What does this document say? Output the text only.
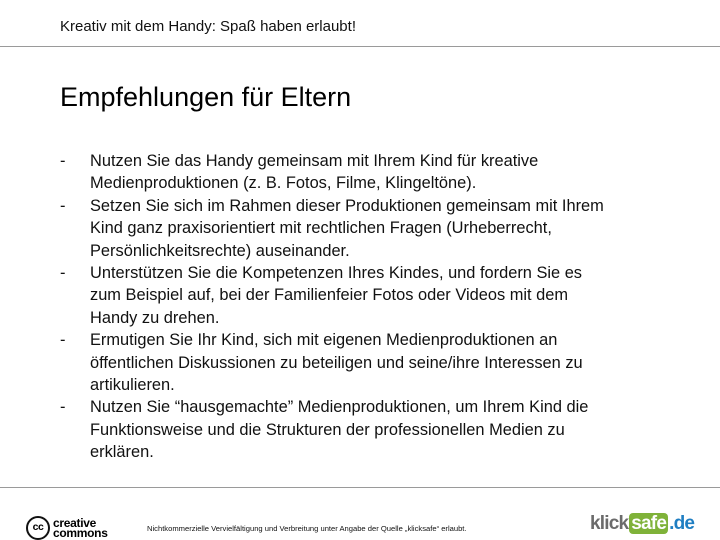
Kreativ mit dem Handy: Spaß haben erlaubt!
Empfehlungen für Eltern
-	Nutzen Sie das Handy gemeinsam mit Ihrem Kind für kreative
Medienproduktionen (z. B. Fotos, Filme, Klingeltöne).
-	Setzen Sie sich im Rahmen dieser Produktionen gemeinsam mit Ihrem
Kind ganz praxisorientiert mit rechtlichen Fragen (Urheberrecht,
Persönlichkeitsrechte) auseinander.
-	Unterstützen Sie die Kompetenzen Ihres Kindes, und fordern Sie es
zum Beispiel auf, bei der Familienfeier Fotos oder Videos mit dem
Handy zu drehen.
-	Ermutigen Sie Ihr Kind, sich mit eigenen Medienproduktionen an
öffentlichen Diskussionen zu beteiligen und seine/ihre Interessen zu
artikulieren.
-	Nutzen Sie “hausgemachte” Medienproduktionen, um Ihrem Kind die
Funktionsweise und die Strukturen der professionellen Medien zu
erklären.
cc creative
commons	Nichtkommerzielle Vervielfältigung und Verbreitung unter Angabe der Quelle „klicksafe“ erlaubt.	klick safe .de
